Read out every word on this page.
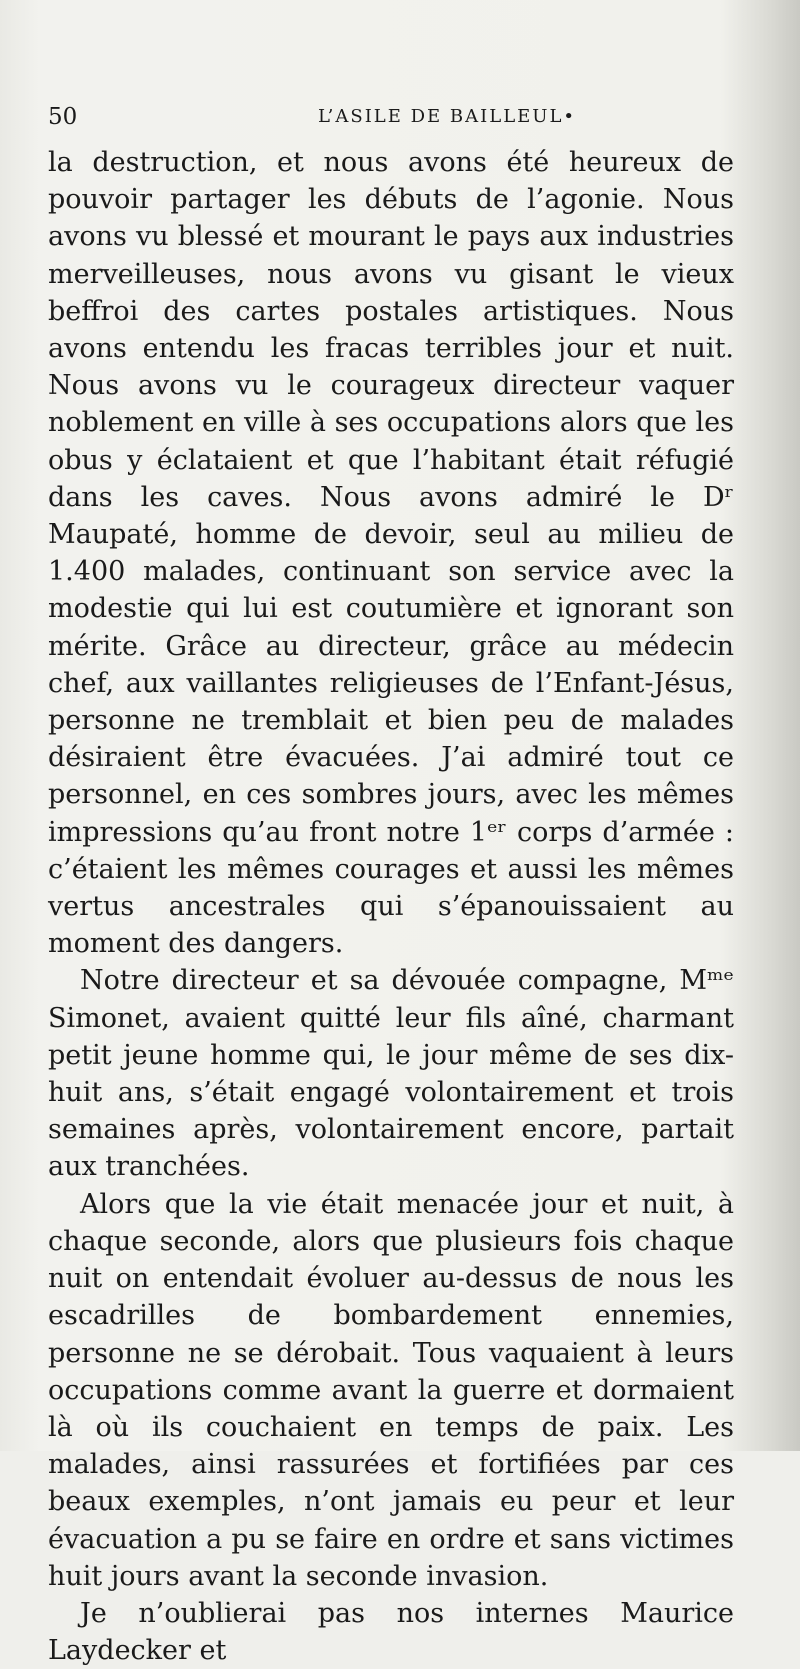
50	L’ASILE DE BAILLEUL•

la destruction, et nous avons été heureux de pouvoir partager les débuts de l’agonie. Nous avons vu blessé et mourant le pays aux industries merveilleuses, nous avons vu gisant le vieux beffroi des cartes postales artistiques. Nous avons entendu les fracas terribles jour et nuit. Nous avons vu le courageux directeur vaquer noblement en ville à ses occupations alors que les obus y éclataient et que l’habitant était réfugié dans les caves. Nous avons admiré le Dʳ Maupaté, homme de devoir, seul au milieu de 1.400 malades, continuant son service avec la modestie qui lui est coutumière et ignorant son mérite. Grâce au directeur, grâce au médecin chef, aux vaillantes religieuses de l’Enfant-Jésus, personne ne tremblait et bien peu de malades désiraient être évacuées. J’ai admiré tout ce personnel, en ces sombres jours, avec les mêmes impressions qu’au front notre 1ᵉʳ corps d’armée : c’étaient les mêmes courages et aussi les mêmes vertus ancestrales qui s’épanouissaient au moment des dangers.

Notre directeur et sa dévouée compagne, Mᵐᵉ Simonet, avaient quitté leur fils aîné, charmant petit jeune homme qui, le jour même de ses dix-huit ans, s’était engagé volontairement et trois semaines après, volontairement encore, partait aux tranchées.

Alors que la vie était menacée jour et nuit, à chaque seconde, alors que plusieurs fois chaque nuit on entendait évoluer au-dessus de nous les escadrilles de bombardement ennemies, personne ne se dérobait. Tous vaquaient à leurs occupations comme avant la guerre et dormaient là où ils couchaient en temps de paix. Les malades, ainsi rassurées et fortifiées par ces beaux exemples, n’ont jamais eu peur et leur évacuation a pu se faire en ordre et sans victimes huit jours avant la seconde invasion.

Je n’oublierai pas nos internes Maurice Laydecker et
